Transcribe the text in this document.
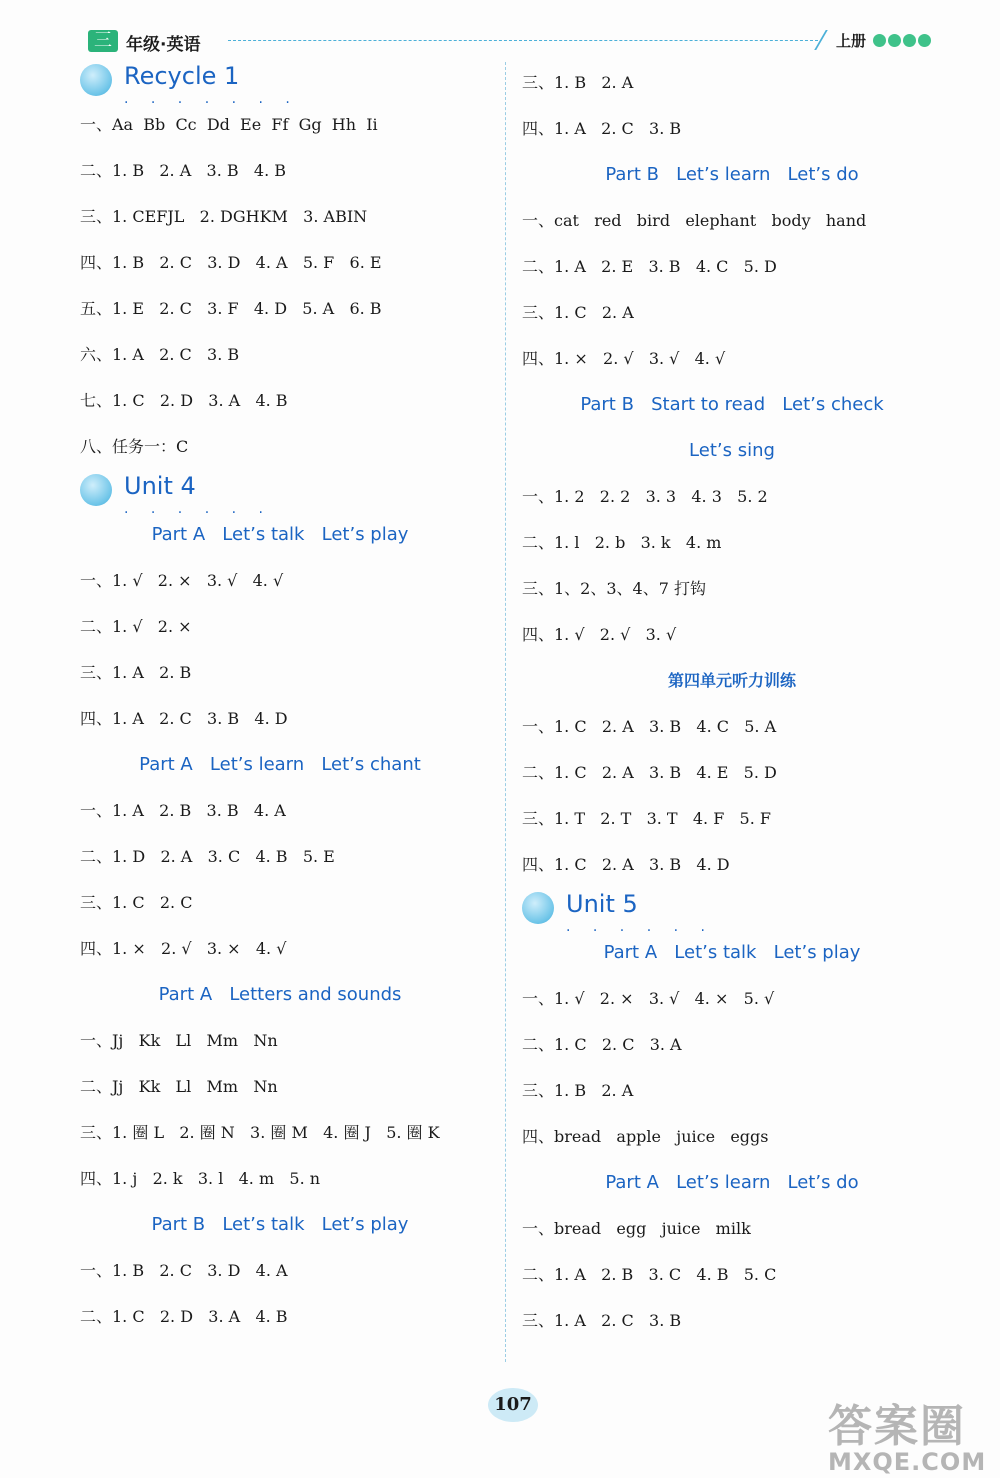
三 年级·英语	上册
Recycle 1
. . . . . . .
一、Aa  Bb  Cc  Dd  Ee  Ff  Gg  Hh  Ii
二、1. B   2. A   3. B   4. B
三、1. CEFJL   2. DGHKM   3. ABIN
四、1. B   2. C   3. D   4. A   5. F   6. E
五、1. E   2. C   3. F   4. D   5. A   6. B
六、1. A   2. C   3. B
七、1. C   2. D   3. A   4. B
八、任务一：C
Unit 4
. . . . . .
Part A   Let’s talk   Let’s play
一、1. √   2. ×   3. √   4. √
二、1. √   2. ×
三、1. A   2. B
四、1. A   2. C   3. B   4. D
Part A   Let’s learn   Let’s chant
一、1. A   2. B   3. B   4. A
二、1. D   2. A   3. C   4. B   5. E
三、1. C   2. C
四、1. ×   2. √   3. ×   4. √
Part A   Letters and sounds
一、Jj   Kk   Ll   Mm   Nn
二、Jj   Kk   Ll   Mm   Nn
三、1. 圈 L   2. 圈 N   3. 圈 M   4. 圈 J   5. 圈 K
四、1. j   2. k   3. l   4. m   5. n
Part B   Let’s talk   Let’s play
一、1. B   2. C   3. D   4. A
二、1. C   2. D   3. A   4. B
三、1. B   2. A
四、1. A   2. C   3. B
Part B   Let’s learn   Let’s do
一、cat   red   bird   elephant   body   hand
二、1. A   2. E   3. B   4. C   5. D
三、1. C   2. A
四、1. ×   2. √   3. √   4. √
Part B   Start to read   Let’s check
Let’s sing
一、1. 2   2. 2   3. 3   4. 3   5. 2
二、1. l   2. b   3. k   4. m
三、1、2、3、4、7 打钩
四、1. √   2. √   3. √
第四单元听力训练
一、1. C   2. A   3. B   4. C   5. A
二、1. C   2. A   3. B   4. E   5. D
三、1. T   2. T   3. T   4. F   5. F
四、1. C   2. A   3. B   4. D
Unit 5
. . . . . .
Part A   Let’s talk   Let’s play
一、1. √   2. ×   3. √   4. ×   5. √
二、1. C   2. C   3. A
三、1. B   2. A
四、bread   apple   juice   eggs
Part A   Let’s learn   Let’s do
一、bread   egg   juice   milk
二、1. A   2. B   3. C   4. B   5. C
三、1. A   2. C   3. B
107	答案圈
MXQE.COM
